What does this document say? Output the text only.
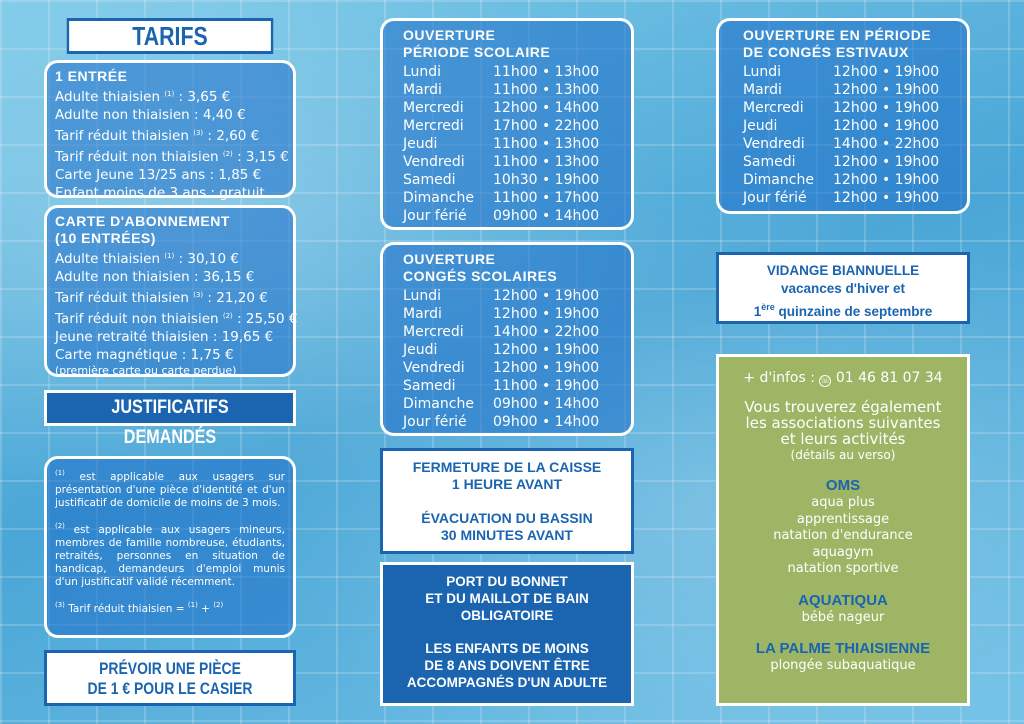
TARIFS
1 ENTRÉE
Adulte thiaisien $^{(1)}$ : 3,65 €
Adulte non thiaisien : 4,40 €
Tarif réduit thiaisien $^{(3)}$ : 2,60 €
Tarif réduit non thiaisien $^{(2)}$ : 3,15 €
Carte Jeune 13/25 ans : 1,85 €
Enfant moins de 3 ans : gratuit
CARTE D'ABONNEMENT
(10 ENTRÉES)
Adulte thiaisien $^{(1)}$ : 30,10 €
Adulte non thiaisien : 36,15 €
Tarif réduit thiaisien $^{(3)}$ : 21,20 €
Tarif réduit non thiaisien $^{(2)}$ : 25,50 €
Jeune retraité thiaisien : 19,65 €
Carte magnétique : 1,75 €
(première carte ou carte perdue)
JUSTIFICATIFS DEMANDÉS

$^{(1)}$ est applicable aux usagers sur présentation d'une pièce d'identité et d'un justificatif de domicile de moins de 3 mois.

$^{(2)}$ est applicable aux usagers mineurs, membres de famille nombreuse, étudiants, retraités, personnes en situation de handicap, demandeurs d'emploi munis d'un justificatif validé récemment.

$^{(3)}$ Tarif réduit thiaisien = $^{(1)}$ + $^{(2)}$

PRÉVOIR UNE PIÈCE
DE 1 € POUR LE CASIER
OUVERTURE
PÉRIODE SCOLAIRE
Lundi	11h00 • 13h00
Mardi	11h00 • 13h00
Mercredi	12h00 • 14h00
Mercredi	17h00 • 22h00
Jeudi	11h00 • 13h00
Vendredi	11h00 • 13h00
Samedi	10h30 • 19h00
Dimanche	11h00 • 17h00
Jour férié	09h00 • 14h00
OUVERTURE
CONGÉS SCOLAIRES
Lundi	12h00 • 19h00
Mardi	12h00 • 19h00
Mercredi	14h00 • 22h00
Jeudi	12h00 • 19h00
Vendredi	12h00 • 19h00
Samedi	11h00 • 19h00
Dimanche	09h00 • 14h00
Jour férié	09h00 • 14h00
FERMETURE DE LA CAISSE
1 HEURE AVANT
ÉVACUATION DU BASSIN
30 MINUTES AVANT
PORT DU BONNET
ET DU MAILLOT DE BAIN
OBLIGATOIRE
LES ENFANTS DE MOINS
DE 8 ANS DOIVENT ÊTRE
ACCOMPAGNÉS D'UN ADULTE
OUVERTURE EN PÉRIODE
DE CONGÉS ESTIVAUX
Lundi	12h00 • 19h00
Mardi	12h00 • 19h00
Mercredi	12h00 • 19h00
Jeudi	12h00 • 19h00
Vendredi	14h00 • 22h00
Samedi	12h00 • 19h00
Dimanche	12h00 • 19h00
Jour férié	12h00 • 19h00
VIDANGE BIANNUELLE
vacances d'hiver et
1ère quinzaine de septembre
+ d'infos : ☏ 01 46 81 07 34
Vous trouverez également
les associations suivantes
et leurs activités
(détails au verso)
OMS
aqua plus
apprentissage
natation d'endurance
aquagym
natation sportive
AQUATIQUA
bébé nageur
LA PALME THIAISIENNE
plongée subaquatique
